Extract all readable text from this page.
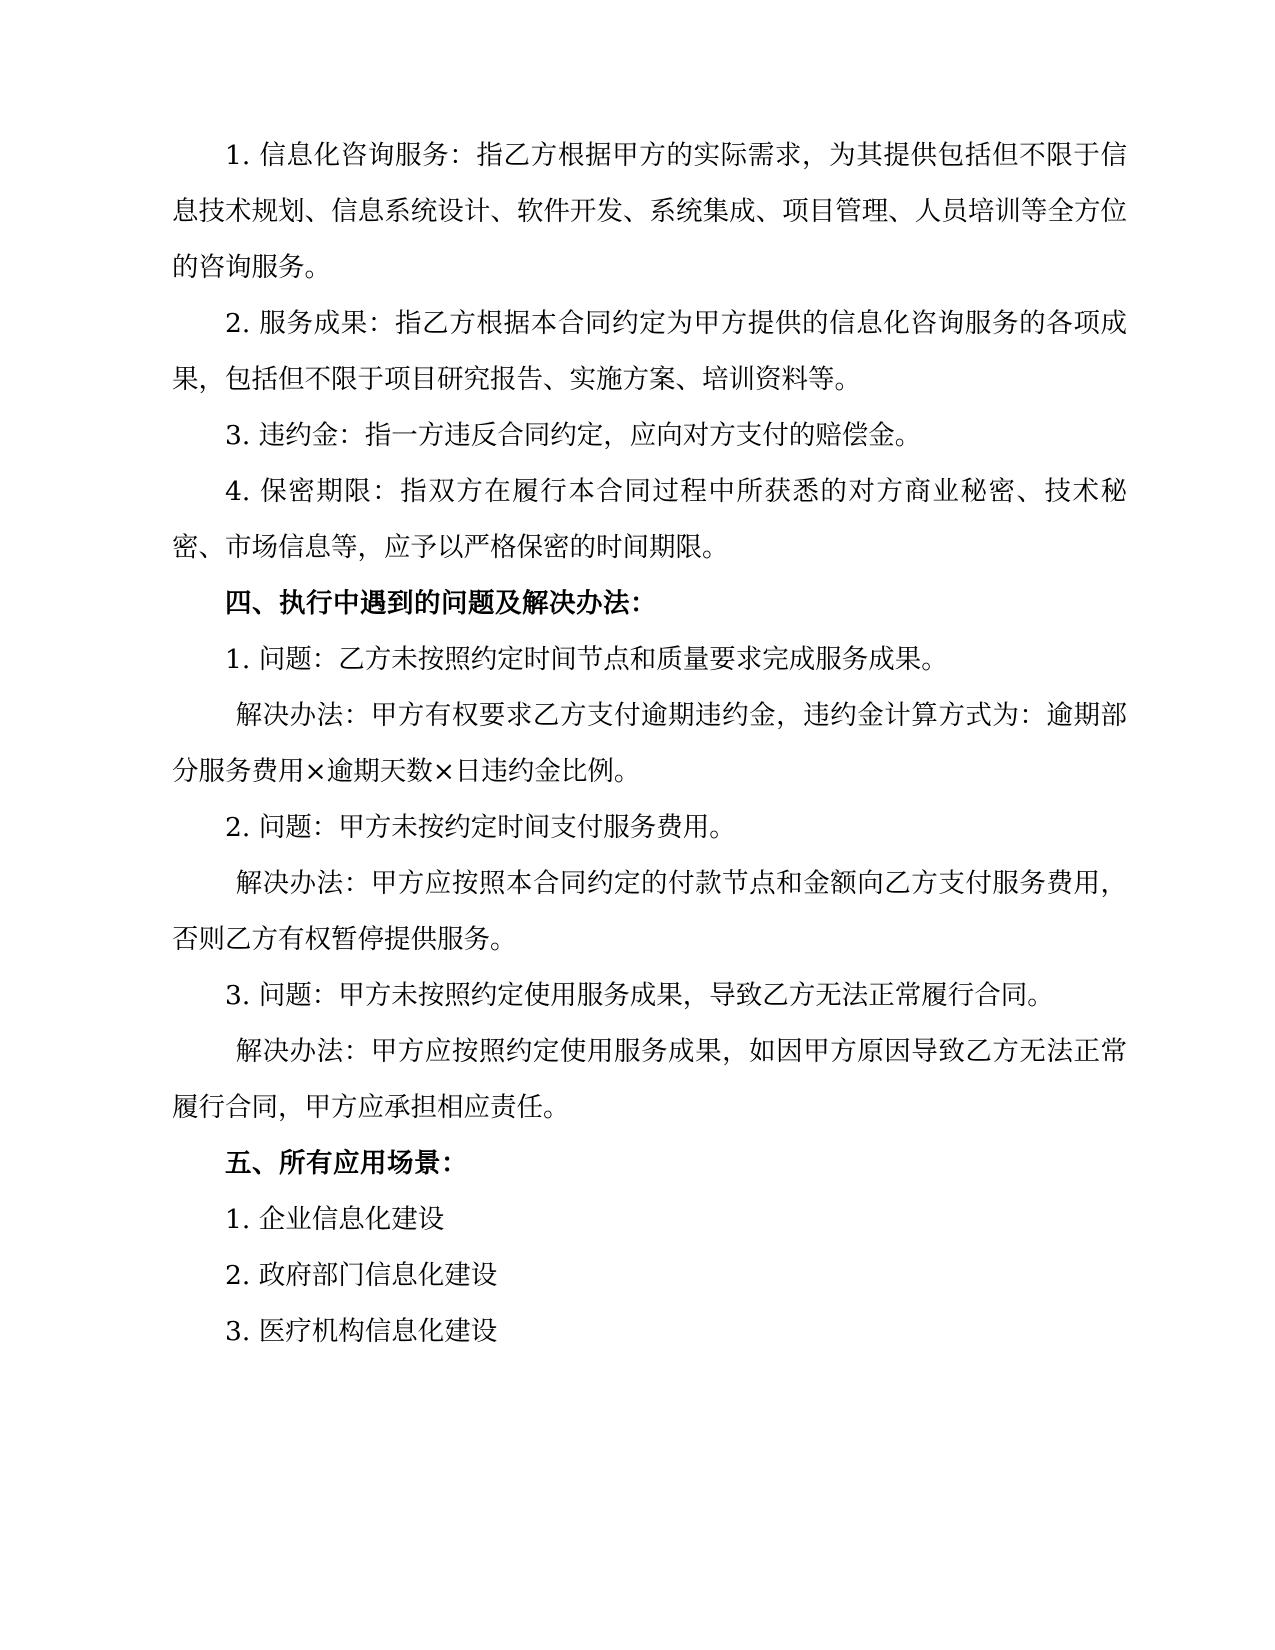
1. 信息化咨询服务：指乙方根据甲方的实际需求，为其提供包括但不限于信息技术规划、信息系统设计、软件开发、系统集成、项目管理、人员培训等全方位的咨询服务。

2. 服务成果：指乙方根据本合同约定为甲方提供的信息化咨询服务的各项成果，包括但不限于项目研究报告、实施方案、培训资料等。

3. 违约金：指一方违反合同约定，应向对方支付的赔偿金。

4. 保密期限：指双方在履行本合同过程中所获悉的对方商业秘密、技术秘密、市场信息等，应予以严格保密的时间期限。

四、执行中遇到的问题及解决办法：

1. 问题：乙方未按照约定时间节点和质量要求完成服务成果。

解决办法：甲方有权要求乙方支付逾期违约金，违约金计算方式为：逾期部分服务费用×逾期天数×日违约金比例。

2. 问题：甲方未按约定时间支付服务费用。

解决办法：甲方应按照本合同约定的付款节点和金额向乙方支付服务费用，否则乙方有权暂停提供服务。

3. 问题：甲方未按照约定使用服务成果，导致乙方无法正常履行合同。

解决办法：甲方应按照约定使用服务成果，如因甲方原因导致乙方无法正常履行合同，甲方应承担相应责任。

五、所有应用场景：

1. 企业信息化建设

2. 政府部门信息化建设

3. 医疗机构信息化建设
